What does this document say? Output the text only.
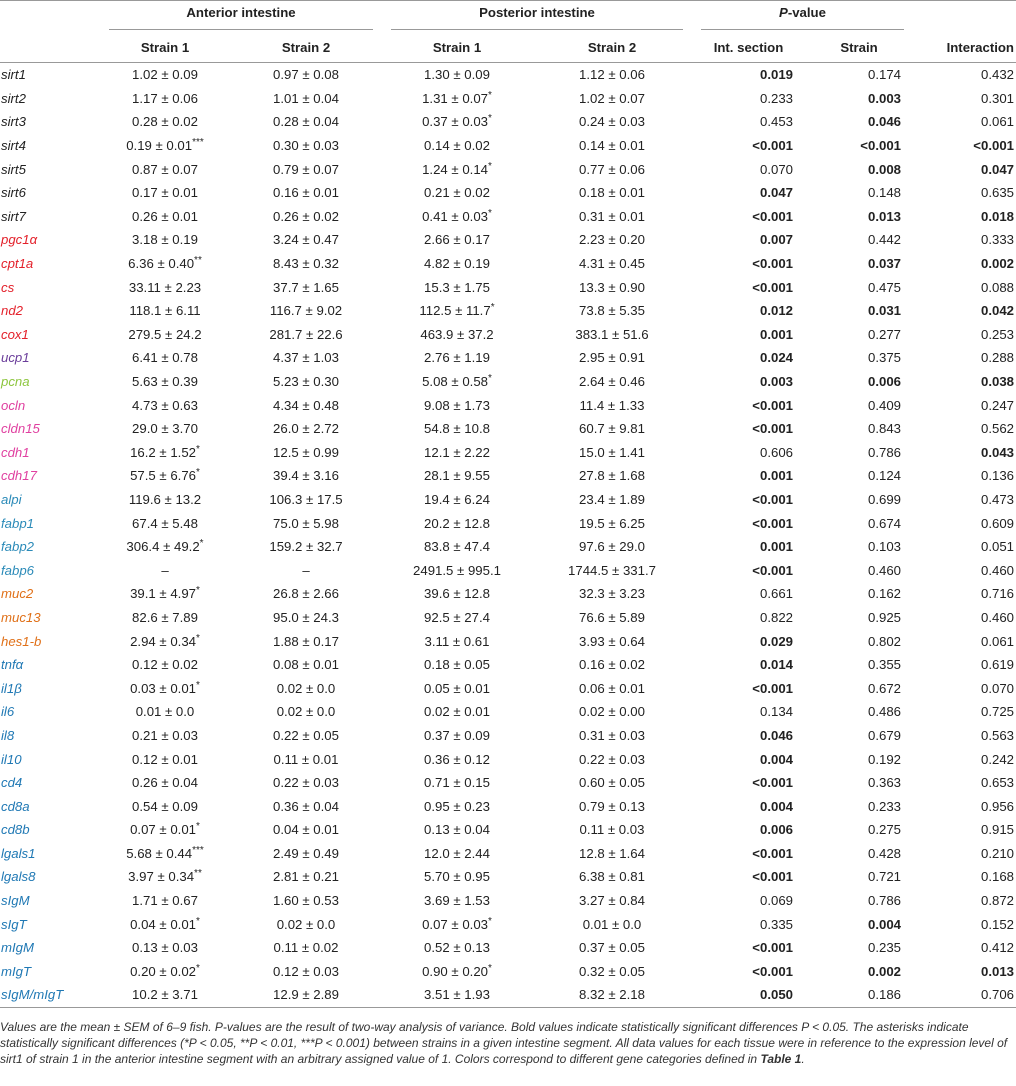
	Anterior intestine		Posterior intestine		P-value		

	Strain 1	Strain 2	Strain 1	Strain 2	Int. section	Strain	Interaction
sirt1	1.02 ± 0.09	0.97 ± 0.08	1.30 ± 0.09	1.12 ± 0.06	0.019	0.174	0.432
sirt2	1.17 ± 0.06	1.01 ± 0.04	1.31 ± 0.07*	1.02 ± 0.07	0.233	0.003	0.301
sirt3	0.28 ± 0.02	0.28 ± 0.04	0.37 ± 0.03*	0.24 ± 0.03	0.453	0.046	0.061
sirt4	0.19 ± 0.01***	0.30 ± 0.03	0.14 ± 0.02	0.14 ± 0.01	<0.001	<0.001	<0.001
sirt5	0.87 ± 0.07	0.79 ± 0.07	1.24 ± 0.14*	0.77 ± 0.06	0.070	0.008	0.047
sirt6	0.17 ± 0.01	0.16 ± 0.01	0.21 ± 0.02	0.18 ± 0.01	0.047	0.148	0.635
sirt7	0.26 ± 0.01	0.26 ± 0.02	0.41 ± 0.03*	0.31 ± 0.01	<0.001	0.013	0.018
pgc1α	3.18 ± 0.19	3.24 ± 0.47	2.66 ± 0.17	2.23 ± 0.20	0.007	0.442	0.333
cpt1a	6.36 ± 0.40**	8.43 ± 0.32	4.82 ± 0.19	4.31 ± 0.45	<0.001	0.037	0.002
cs	33.11 ± 2.23	37.7 ± 1.65	15.3 ± 1.75	13.3 ± 0.90	<0.001	0.475	0.088
nd2	118.1 ± 6.11	116.7 ± 9.02	112.5 ± 11.7*	73.8 ± 5.35	0.012	0.031	0.042
cox1	279.5 ± 24.2	281.7 ± 22.6	463.9 ± 37.2	383.1 ± 51.6	0.001	0.277	0.253
ucp1	6.41 ± 0.78	4.37 ± 1.03	2.76 ± 1.19	2.95 ± 0.91	0.024	0.375	0.288
pcna	5.63 ± 0.39	5.23 ± 0.30	5.08 ± 0.58*	2.64 ± 0.46	0.003	0.006	0.038
ocln	4.73 ± 0.63	4.34 ± 0.48	9.08 ± 1.73	11.4 ± 1.33	<0.001	0.409	0.247
cldn15	29.0 ± 3.70	26.0 ± 2.72	54.8 ± 10.8	60.7 ± 9.81	<0.001	0.843	0.562
cdh1	16.2 ± 1.52*	12.5 ± 0.99	12.1 ± 2.22	15.0 ± 1.41	0.606	0.786	0.043
cdh17	57.5 ± 6.76*	39.4 ± 3.16	28.1 ± 9.55	27.8 ± 1.68	0.001	0.124	0.136
alpi	119.6 ± 13.2	106.3 ± 17.5	19.4 ± 6.24	23.4 ± 1.89	<0.001	0.699	0.473
fabp1	67.4 ± 5.48	75.0 ± 5.98	20.2 ± 12.8	19.5 ± 6.25	<0.001	0.674	0.609
fabp2	306.4 ± 49.2*	159.2 ± 32.7	83.8 ± 47.4	97.6 ± 29.0	0.001	0.103	0.051
fabp6	–	–	2491.5 ± 995.1	1744.5 ± 331.7	<0.001	0.460	0.460
muc2	39.1 ± 4.97*	26.8 ± 2.66	39.6 ± 12.8	32.3 ± 3.23	0.661	0.162	0.716
muc13	82.6 ± 7.89	95.0 ± 24.3	92.5 ± 27.4	76.6 ± 5.89	0.822	0.925	0.460
hes1-b	2.94 ± 0.34*	1.88 ± 0.17	3.11 ± 0.61	3.93 ± 0.64	0.029	0.802	0.061
tnfα	0.12 ± 0.02	0.08 ± 0.01	0.18 ± 0.05	0.16 ± 0.02	0.014	0.355	0.619
il1β	0.03 ± 0.01*	0.02 ± 0.0	0.05 ± 0.01	0.06 ± 0.01	<0.001	0.672	0.070
il6	0.01 ± 0.0	0.02 ± 0.0	0.02 ± 0.01	0.02 ± 0.00	0.134	0.486	0.725
il8	0.21 ± 0.03	0.22 ± 0.05	0.37 ± 0.09	0.31 ± 0.03	0.046	0.679	0.563
il10	0.12 ± 0.01	0.11 ± 0.01	0.36 ± 0.12	0.22 ± 0.03	0.004	0.192	0.242
cd4	0.26 ± 0.04	0.22 ± 0.03	0.71 ± 0.15	0.60 ± 0.05	<0.001	0.363	0.653
cd8a	0.54 ± 0.09	0.36 ± 0.04	0.95 ± 0.23	0.79 ± 0.13	0.004	0.233	0.956
cd8b	0.07 ± 0.01*	0.04 ± 0.01	0.13 ± 0.04	0.11 ± 0.03	0.006	0.275	0.915
lgals1	5.68 ± 0.44***	2.49 ± 0.49	12.0 ± 2.44	12.8 ± 1.64	<0.001	0.428	0.210
lgals8	3.97 ± 0.34**	2.81 ± 0.21	5.70 ± 0.95	6.38 ± 0.81	<0.001	0.721	0.168
sIgM	1.71 ± 0.67	1.60 ± 0.53	3.69 ± 1.53	3.27 ± 0.84	0.069	0.786	0.872
sIgT	0.04 ± 0.01*	0.02 ± 0.0	0.07 ± 0.03*	0.01 ± 0.0	0.335	0.004	0.152
mIgM	0.13 ± 0.03	0.11 ± 0.02	0.52 ± 0.13	0.37 ± 0.05	<0.001	0.235	0.412
mIgT	0.20 ± 0.02*	0.12 ± 0.03	0.90 ± 0.20*	0.32 ± 0.05	<0.001	0.002	0.013
sIgM/mIgT	10.2 ± 3.71	12.9 ± 2.89	3.51 ± 1.93	8.32 ± 2.18	0.050	0.186	0.706
Values are the mean ± SEM of 6–9 fish. P-values are the result of two-way analysis of variance. Bold values indicate statistically significant differences P < 0.05. The asterisks indicate statistically significant differences (*P < 0.05, **P < 0.01, ***P < 0.001) between strains in a given intestine segment. All data values for each tissue were in reference to the expression level of sirt1 of strain 1 in the anterior intestine segment with an arbitrary assigned value of 1. Colors correspond to different gene categories defined in Table 1.
